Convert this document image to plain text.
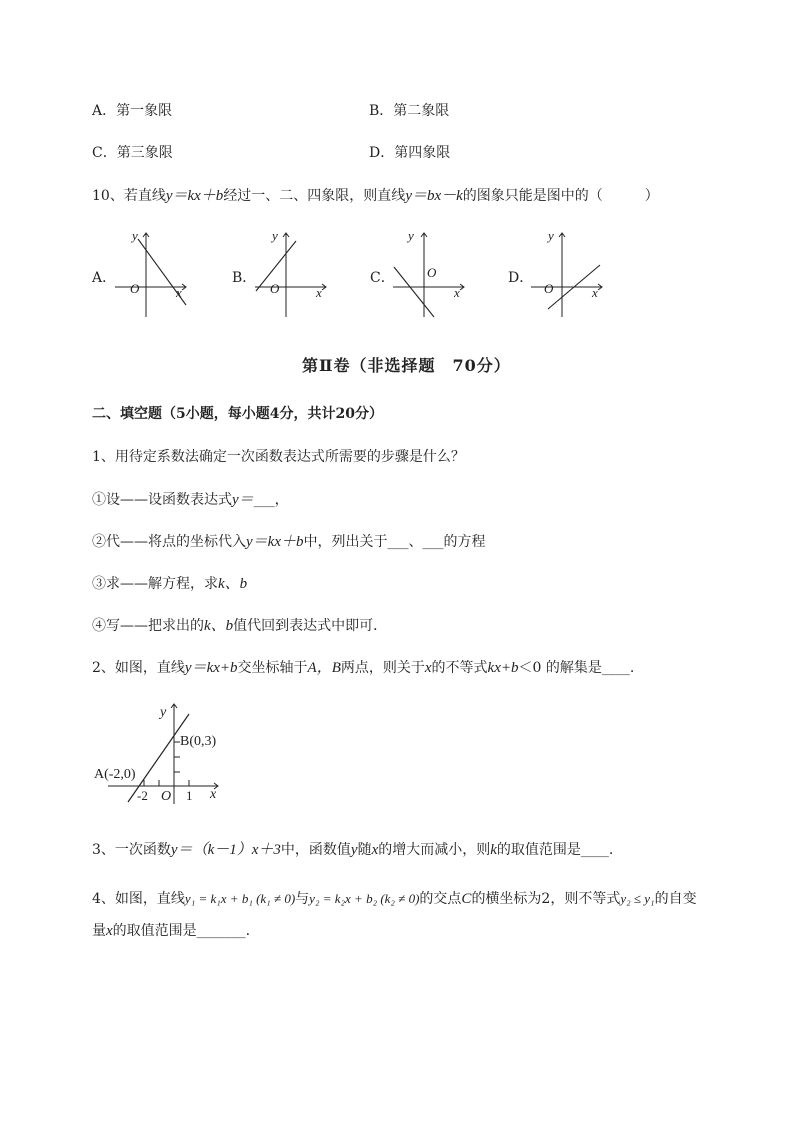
A．第一象限	B．第二象限
C．第三象限	D．第四象限
10、若直线y＝kx＋b经过一、二、四象限，则直线y＝bx－k的图象只能是图中的（　　　）
A．
y
x
O
B．
y
x
O
C．
y
x
O	D．
y
x
O
第Ⅱ卷（非选择题　70分）
二、填空题（5小题，每小题4分，共计20分）
1、用待定系数法确定一次函数表达式所需要的步骤是什么？
①设——设函数表达式y＝___，
②代——将点的坐标代入y＝kx＋b中，列出关于___、___的方程
③求——解方程，求k、b
④写——把求出的k、b值代回到表达式中即可．
2、如图，直线y＝kx+b交坐标轴于A，B两点，则关于x的不等式kx+b＜0 的解集是____.
y
x
O
B(0,3)
A(-2,0)
-2	1
3、一次函数y＝（k－1）x＋3中，函数值y随x的增大而减小，则k的取值范围是____.
4、如图，直线y₁ = k₁x + b₁ (k₁ ≠ 0)与y₂ = k₂x + b₂ (k₂ ≠ 0)的交点C的横坐标为2，则不等式y₂ ≤ y₁的自变
量x的取值范围是_______.
